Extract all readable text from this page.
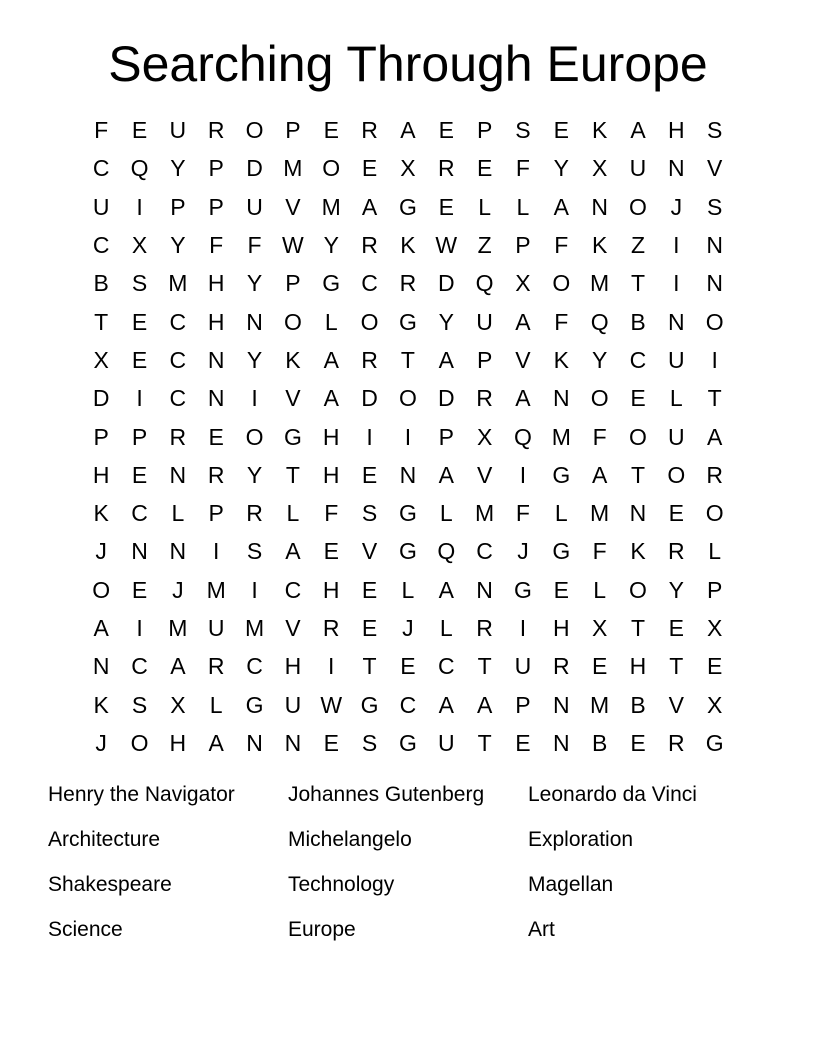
Searching Through Europe
F	E U R O P	E R A	E	P	S	E	K	A H S
C Q Y	P D M O E	X R E	F	Y	X U N V
U	I	P	P U V M A G E	L	L	A N O	J	S
C X	Y	F	F W Y R K W Z	P	F	K	Z	I	N
B	S M H Y	P G C R D Q X O M T	I	N
T	E C H N O	L	O G Y U A	F Q B N O
X	E C N Y	K	A R	T	A	P	V	K	Y C U	I
D	I	C N	I	V	A D O D R A N O E	L	T
P	P R E O G H	I	I	P	X Q M F O U A
H E N R Y	T	H E N A	V	I	G A	T O R
K C	L	P R	L	F	S G	L M F	L M N E O
J	N N	I	S	A	E	V G Q C	J	G F	K R	L
O E	J	M	I	C H E	L	A N G E	L	O Y	P
A	I	M U M V R E	J	L	R	I	H X	T	E	X
N C A R C H	I	T	E C	T	U R E H	T	E
K	S	X	L	G U W G C A	A	P N M B	V	X
J	O H A N N E	S G U	T	E N B	E R G
Henry the Navigator	Johannes Gutenberg	Leonardo da Vinci
Architecture	Michelangelo	Exploration
Shakespeare	Technology	Magellan
Science	Europe	Art
